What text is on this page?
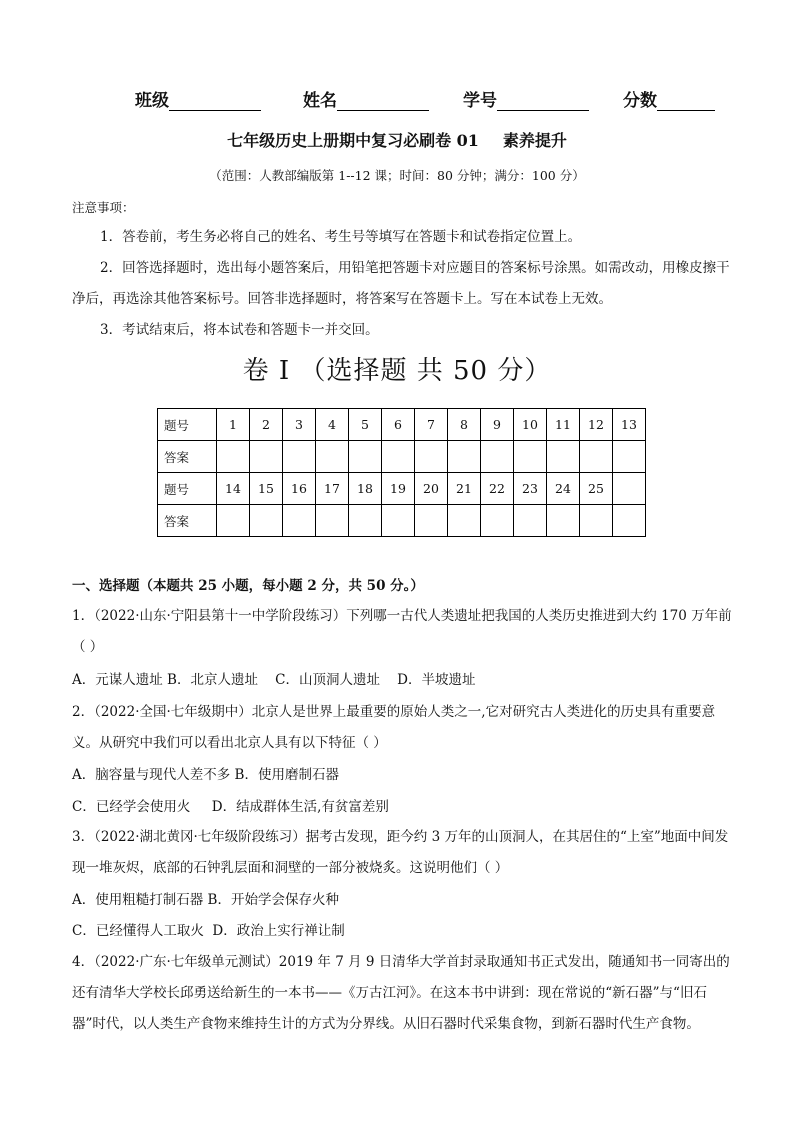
班级	姓名	学号	分数
七年级历史上册期中复习必刷卷 01 素养提升
（范围：人教部编版第 1--12 课；时间：80 分钟；满分：100 分）
注意事项：
1．答卷前，考生务必将自己的姓名、考生号等填写在答题卡和试卷指定位置上。
2．回答选择题时，选出每小题答案后，用铅笔把答题卡对应题目的答案标号涂黑。如需改动，用橡皮擦干净后，再选涂其他答案标号。回答非选择题时，将答案写在答题卡上。写在本试卷上无效。
3．考试结束后，将本试卷和答题卡一并交回。
卷 I （选择题 共 50 分）
题号	1	2	3	4	5	6	7	8	9	10	11	12	13
答案													
题号	14	15	16	17	18	19	20	21	22	23	24	25	
答案													
一、选择题（本题共 25 小题，每小题 2 分，共 50 分。）
1．（2022·山东·宁阳县第十一中学阶段练习）下列哪一古代人类遗址把我国的人类历史推进到大约 170 万年前（ ）
A．元谋人遗址 B．北京人遗址    C．山顶洞人遗址    D．半坡遗址
2．（2022·全国·七年级期中）北京人是世界上最重要的原始人类之一,它对研究古人类进化的历史具有重要意义。从研究中我们可以看出北京人具有以下特征（ ）
A．脑容量与现代人差不多 B．使用磨制石器
C．已经学会使用火     D．结成群体生活,有贫富差别
3．（2022·湖北黄冈·七年级阶段练习）据考古发现，距今约 3 万年的山顶洞人，在其居住的“上室”地面中间发现一堆灰烬，底部的石钟乳层面和洞壁的一部分被烧炙。这说明他们（ ）
A．使用粗糙打制石器 B．开始学会保存火种
C．已经懂得人工取火  D．政治上实行禅让制
4．（2022·广东·七年级单元测试）2019 年 7 月 9 日清华大学首封录取通知书正式发出，随通知书一同寄出的还有清华大学校长邱勇送给新生的一本书——《万古江河》。在这本书中讲到：现在常说的“新石器”与“旧石器”时代，以人类生产食物来维持生计的方式为分界线。从旧石器时代采集食物，到新石器时代生产食物。
